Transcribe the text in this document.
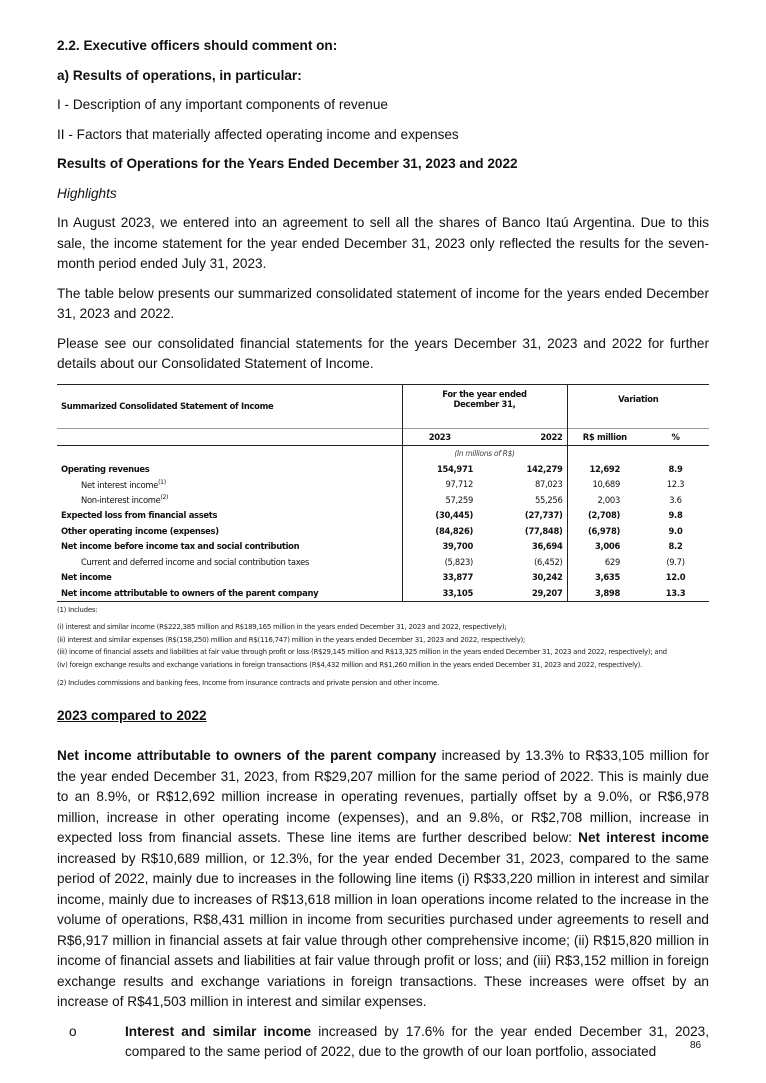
2.2. Executive officers should comment on:

a) Results of operations, in particular:

I - Description of any important components of revenue

II - Factors that materially affected operating income and expenses

Results of Operations for the Years Ended December 31, 2023 and 2022

Highlights

In August 2023, we entered into an agreement to sell all the shares of Banco Itaú Argentina. Due to this sale, the income statement for the year ended December 31, 2023 only reflected the results for the seven-month period ended July 31, 2023.

The table below presents our summarized consolidated statement of income for the years ended December 31, 2023 and 2022.

Please see our consolidated financial statements for the years December 31, 2023 and 2022 for further details about our Consolidated Statement of Income.

Summarized Consolidated Statement of Income	For the year ended December 31,		Variation	

	2023	2022	R$ million	%
	(In millions of R$)			
Operating revenues	154,971	142,279	12,692	8.9
Net interest income$^{(1)}$	97,712	87,023	10,689	12.3
Non-interest income$^{(2)}$	57,259	55,256	2,003	3.6
Expected loss from financial assets	(30,445)	(27,737)	(2,708)	9.8
Other operating income (expenses)	(84,826)	(77,848)	(6,978)	9.0
Net income before income tax and social contribution	39,700	36,694	3,006	8.2
Current and deferred income and social contribution taxes	(5,823)	(6,452)	629	(9.7)
Net income	33,877	30,242	3,635	12.0
Net income attributable to owners of the parent company	33,105	29,207	3,898	13.3
(1) Includes:
(i) interest and similar income (R$222,385 million and R$189,165 million in the years ended December 31, 2023 and 2022, respectively);
(ii) interest and similar expenses (R$(158,250) million and R$(116,747) million in the years ended December 31, 2023 and 2022, respectively);
(iii) income of financial assets and liabilities at fair value through profit or loss (R$29,145 million and R$13,325 million in the years ended December 31, 2023 and 2022, respectively); and
(iv) foreign exchange results and exchange variations in foreign transactions (R$4,432 million and R$1,260 million in the years ended December 31, 2023 and 2022, respectively).
(2) Includes commissions and banking fees, Income from insurance contracts and private pension and other income.

2023 compared to 2022

Net income attributable to owners of the parent company increased by 13.3% to R$33,105 million for the year ended December 31, 2023, from R$29,207 million for the same period of 2022. This is mainly due to an 8.9%, or R$12,692 million increase in operating revenues, partially offset by a 9.0%, or R$6,978 million, increase in other operating income (expenses), and an 9.8%, or R$2,708 million, increase in expected loss from financial assets. These line items are further described below: Net interest income increased by R$10,689 million, or 12.3%, for the year ended December 31, 2023, compared to the same period of 2022, mainly due to increases in the following line items (i) R$33,220 million in interest and similar income, mainly due to increases of R$13,618 million in loan operations income related to the increase in the volume of operations, R$8,431 million in income from securities purchased under agreements to resell and R$6,917 million in financial assets at fair value through other comprehensive income; (ii) R$15,820 million in income of financial assets and liabilities at fair value through profit or loss; and (iii) R$3,152 million in foreign exchange results and exchange variations in foreign transactions. These increases were offset by an increase of R$41,503 million in interest and similar expenses.

o	Interest and similar income increased by 17.6% for the year ended December 31, 2023, compared to the same period of 2022, due to the growth of our loan portfolio, associated	86
